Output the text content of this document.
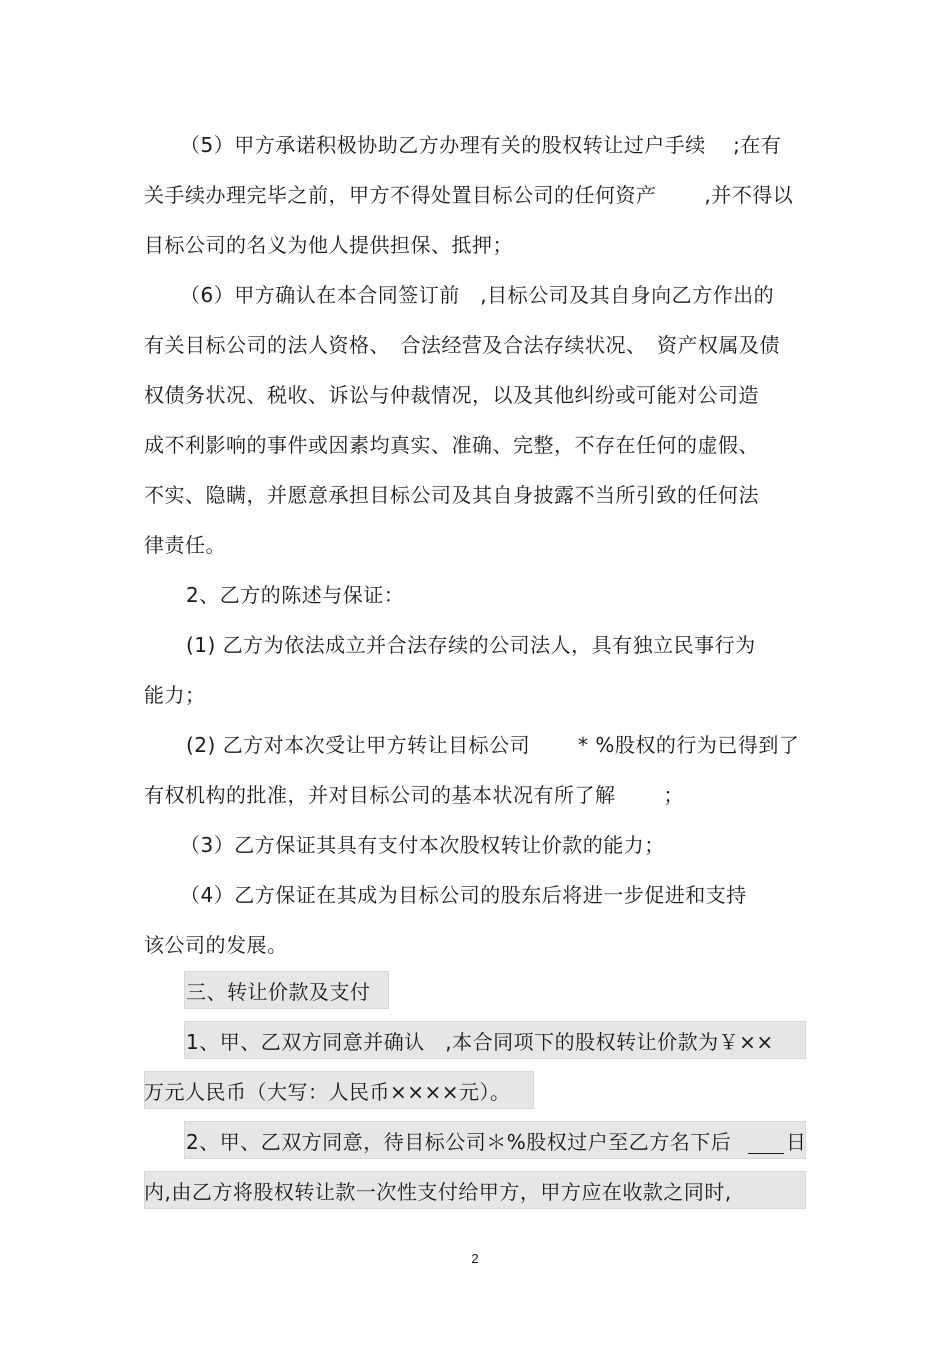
（5）甲方承诺积极协助乙方办理有关的股权转让过户手续　 ;在有
关手续办理完毕之前，甲方不得处置目标公司的任何资产　　 ,并不得以
目标公司的名义为他人提供担保、抵押；
（6）甲方确认在本合同签订前　,目标公司及其自身向乙方作出的
有关目标公司的法人资格、　合法经营及合法存续状况、　资产权属及债
权债务状况、税收、诉讼与仲裁情况，以及其他纠纷或可能对公司造
成不利影响的事件或因素均真实、准确、完整，不存在任何的虚假、
不实、隐瞒，并愿意承担目标公司及其自身披露不当所引致的任何法
律责任。
2、乙方的陈述与保证：
(1) 乙方为依法成立并合法存续的公司法人，具有独立民事行为
能力；
(2) 乙方对本次受让甲方转让目标公司　　 * %股权的行为已得到了
有权机构的批准，并对目标公司的基本状况有所了解　　 ；
（3）乙方保证其具有支付本次股权转让价款的能力；
（4）乙方保证在其成为目标公司的股东后将进一步促进和支持
该公司的发展。
三、转让价款及支付
1、甲、乙双方同意并确认　,本合同项下的股权转让价款为￥××
万元人民币（大写：人民币××××元）。
2、甲、乙双方同意，待目标公司＊%股权过户至乙方名下后	日
内,由乙方将股权转让款一次性支付给甲方，甲方应在收款之同时,
2
